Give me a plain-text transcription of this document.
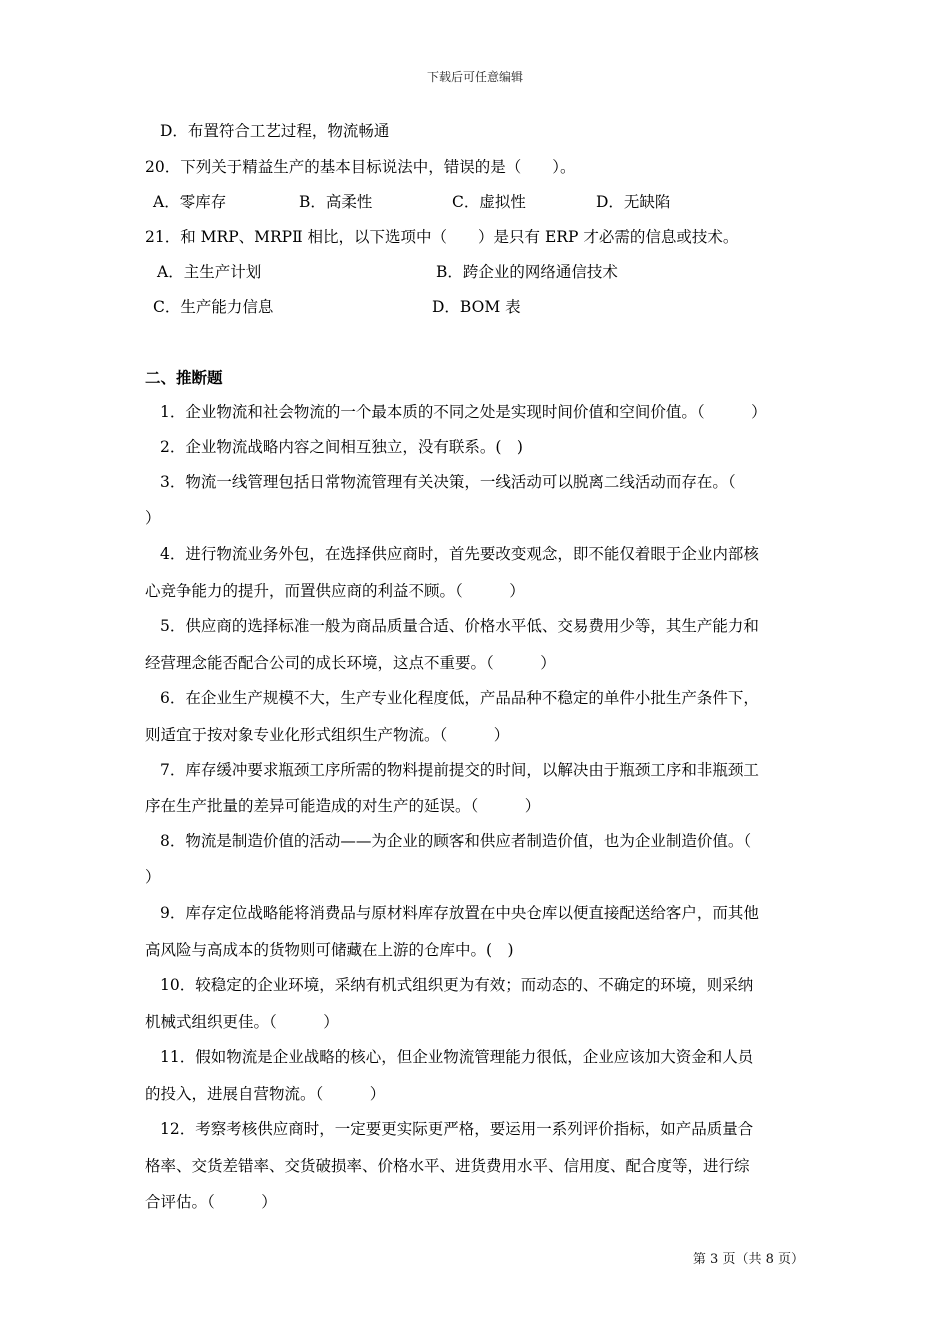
下载后可任意编辑
D．布置符合工艺过程，物流畅通
20．下列关于精益生产的基本目标说法中，错误的是（　　）。
A．零库存	B．高柔性	C．虚拟性	D．无缺陷
21．和 MRP、MRPⅡ 相比，以下选项中（　　）是只有 ERP 才必需的信息或技术。
A．主生产计划	B．跨企业的网络通信技术
C．生产能力信息	D．BOM 表
二、推断题
1．企业物流和社会物流的一个最本质的不同之处是实现时间价值和空间价值。（　　　）
2．企业物流战略内容之间相互独立，没有联系。(　)
3．物流一线管理包括日常物流管理有关决策，一线活动可以脱离二线活动而存在。（
）
4．进行物流业务外包，在选择供应商时，首先要改变观念，即不能仅着眼于企业内部核
心竞争能力的提升，而置供应商的利益不顾。（　　　）
5．供应商的选择标准一般为商品质量合适、价格水平低、交易费用少等，其生产能力和
经营理念能否配合公司的成长环境，这点不重要。（　　　）
6．在企业生产规模不大，生产专业化程度低，产品品种不稳定的单件小批生产条件下，
则适宜于按对象专业化形式组织生产物流。（　　　）
7．库存缓冲要求瓶颈工序所需的物料提前提交的时间，以解决由于瓶颈工序和非瓶颈工
序在生产批量的差异可能造成的对生产的延误。（　　　）
8．物流是制造价值的活动——为企业的顾客和供应者制造价值，也为企业制造价值。（
）
9．库存定位战略能将消费品与原材料库存放置在中央仓库以便直接配送给客户，而其他
高风险与高成本的货物则可储藏在上游的仓库中。(　)
10．较稳定的企业环境，采纳有机式组织更为有效；而动态的、不确定的环境，则采纳
机械式组织更佳。（　　　）
11．假如物流是企业战略的核心，但企业物流管理能力很低，企业应该加大资金和人员
的投入，进展自营物流。（　　　）
12．考察考核供应商时，一定要更实际更严格，要运用一系列评价指标，如产品质量合
格率、交货差错率、交货破损率、价格水平、进货费用水平、信用度、配合度等，进行综
合评估。（　　　）
第 3 页（共 8 页）
